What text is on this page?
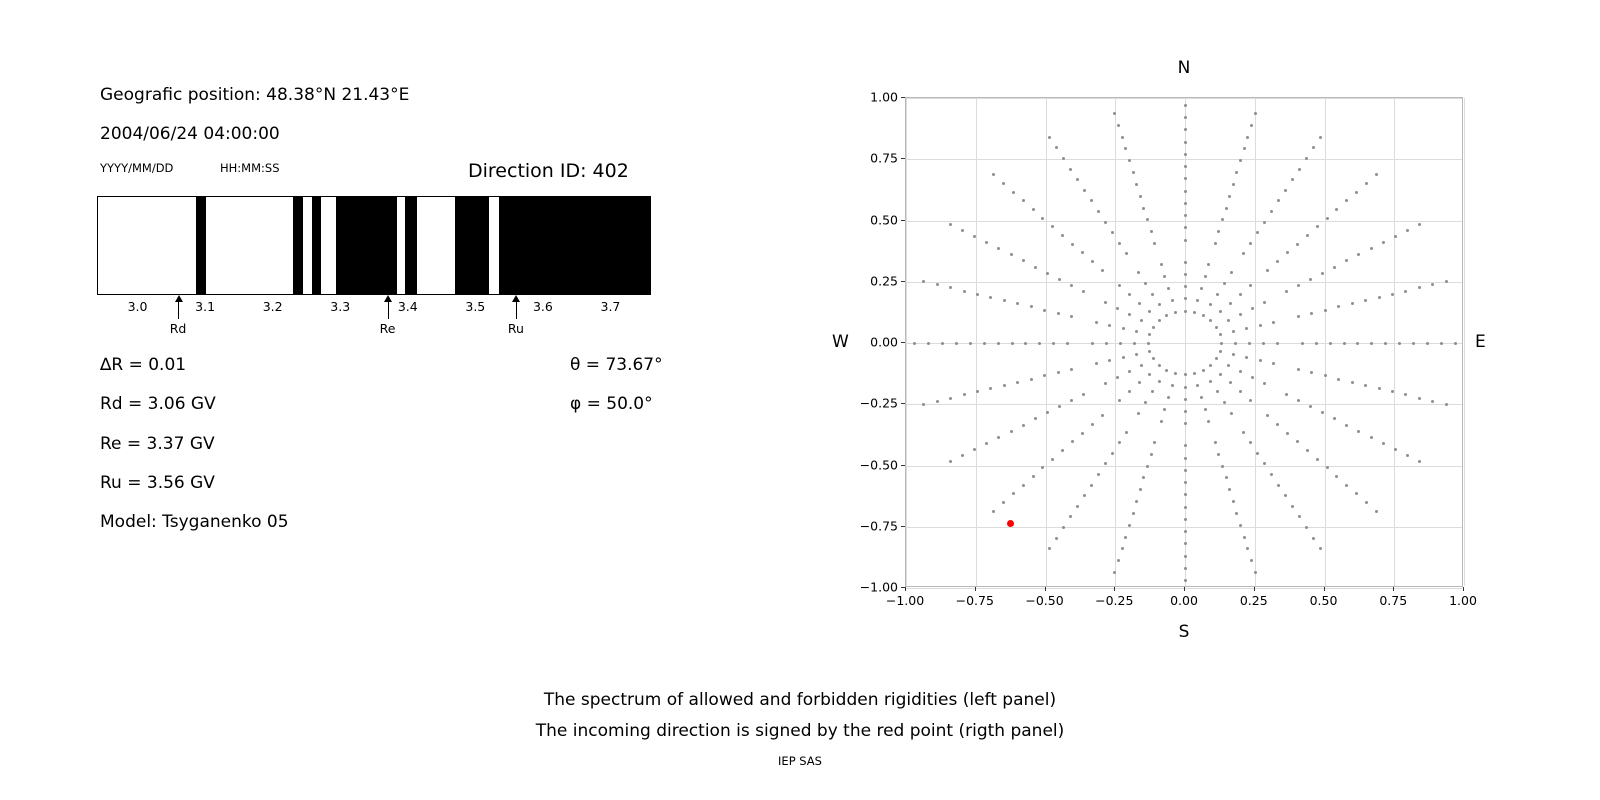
Geografic position: 48.38°N 21.43°E
2004/06/24 04:00:00
YYYY/MM/DD	HH:MM:SS	Direction ID: 402
3.0	3.1	3.2	3.3	3.4	3.5	3.6	3.7
Rd	Re	Ru
∆R = 0.01
Rd = 3.06 GV
Re = 3.37 GV
Ru = 3.56 GV
Model: Tsyganenko 05
θ = 73.67°
φ = 50.0°
N
S
W	E
−1.00	−0.75	−0.50	−0.25	0.00	0.25	0.50	0.75	1.00
−1.00
−0.75
−0.50
−0.25
0.00
0.25
0.50
0.75
1.00
The spectrum of allowed and forbidden rigidities (left panel)
The incoming direction is signed by the red point (rigth panel)
IEP SAS
